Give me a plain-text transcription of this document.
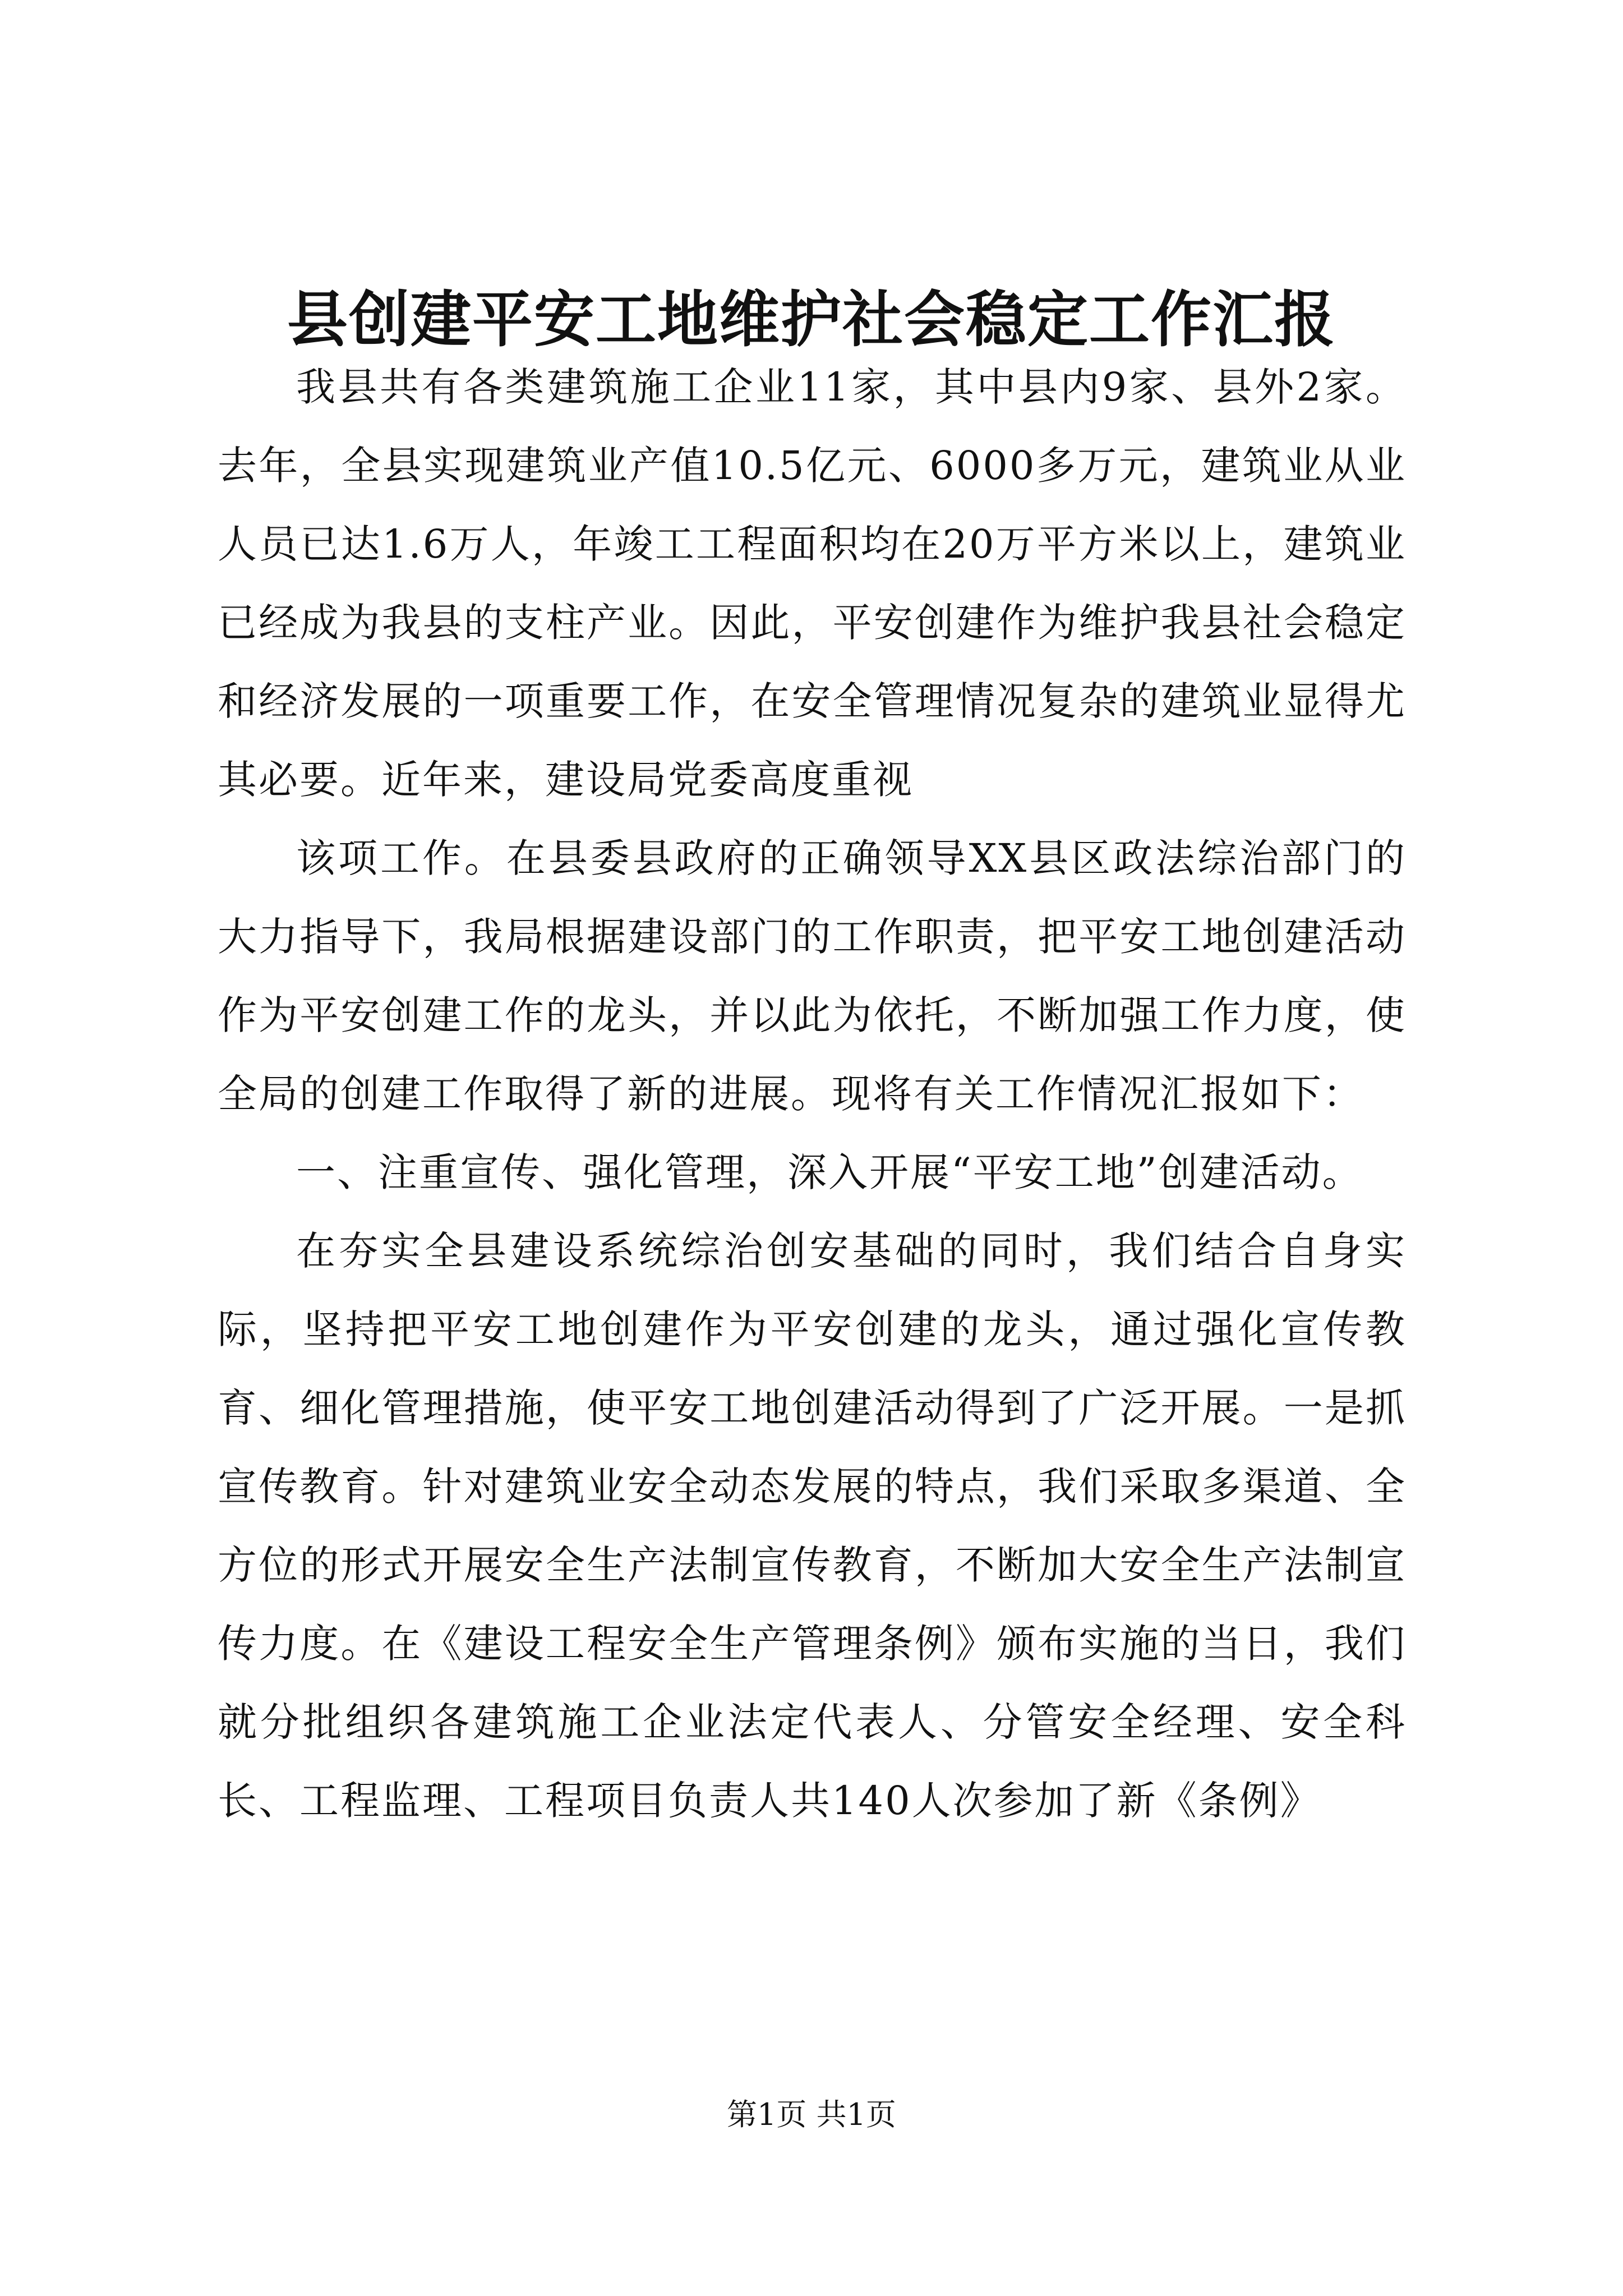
县创建平安工地维护社会稳定工作汇报

我县共有各类建筑施工企业11家，其中县内9家、县外2家。去年，全县实现建筑业产值10.5亿元、6000多万元，建筑业从业人员已达1.6万人，年竣工工程面积均在20万平方米以上，建筑业已经成为我县的支柱产业。因此，平安创建作为维护我县社会稳定和经济发展的一项重要工作，在安全管理情况复杂的建筑业显得尤其必要。近年来，建设局党委高度重视

该项工作。在县委县政府的正确领导XX县区政法综治部门的大力指导下，我局根据建设部门的工作职责，把平安工地创建活动作为平安创建工作的龙头，并以此为依托，不断加强工作力度，使全局的创建工作取得了新的进展。现将有关工作情况汇报如下：

一、注重宣传、强化管理，深入开展“平安工地”创建活动。

在夯实全县建设系统综治创安基础的同时，我们结合自身实际，坚持把平安工地创建作为平安创建的龙头，通过强化宣传教育、细化管理措施，使平安工地创建活动得到了广泛开展。一是抓宣传教育。针对建筑业安全动态发展的特点，我们采取多渠道、全方位的形式开展安全生产法制宣传教育，不断加大安全生产法制宣传力度。在《建设工程安全生产管理条例》颁布实施的当日，我们就分批组织各建筑施工企业法定代表人、分管安全经理、安全科长、工程监理、工程项目负责人共140人次参加了新《条例》

第1页 共1页
